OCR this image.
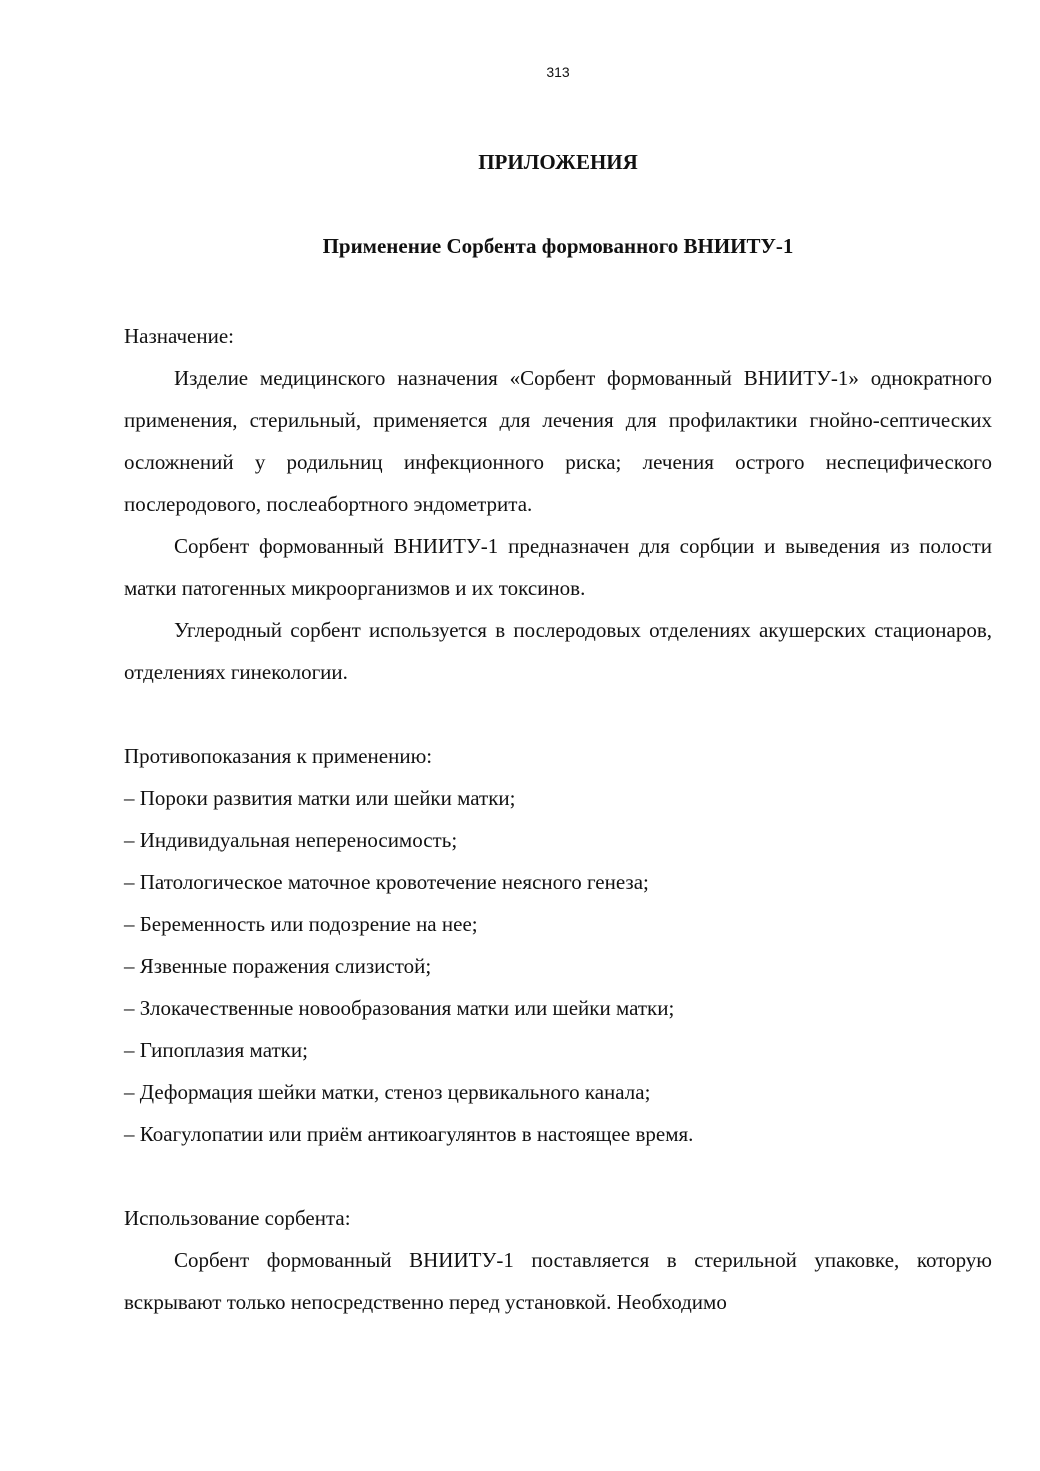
313
ПРИЛОЖЕНИЯ
Применение Сорбента формованного ВНИИТУ-1

Назначение:

Изделие медицинского назначения «Сорбент формованный ВНИИТУ-1» однократного применения, стерильный, применяется для лечения для профилактики гнойно-септических осложнений у родильниц инфекционного риска; лечения острого неспецифического послеродового, послеабортного эндометрита.

Сорбент формованный ВНИИТУ-1 предназначен для сорбции и выведения из полости матки патогенных микроорганизмов и их токсинов.

Углеродный сорбент используется в послеродовых отделениях акушерских стационаров, отделениях гинекологии.

Противопоказания к применению:

– Пороки развития матки или шейки матки;
– Индивидуальная непереносимость;
– Патологическое маточное кровотечение неясного генеза;
– Беременность или подозрение на нее;
– Язвенные поражения слизистой;
– Злокачественные новообразования матки или шейки матки;
– Гипоплазия матки;
– Деформация шейки матки, стеноз цервикального канала;
– Коагулопатии или приём антикоагулянтов в настоящее время.

Использование сорбента:

Сорбент формованный ВНИИТУ-1 поставляется в стерильной упаковке, которую вскрывают только непосредственно перед установкой. Необходимо
